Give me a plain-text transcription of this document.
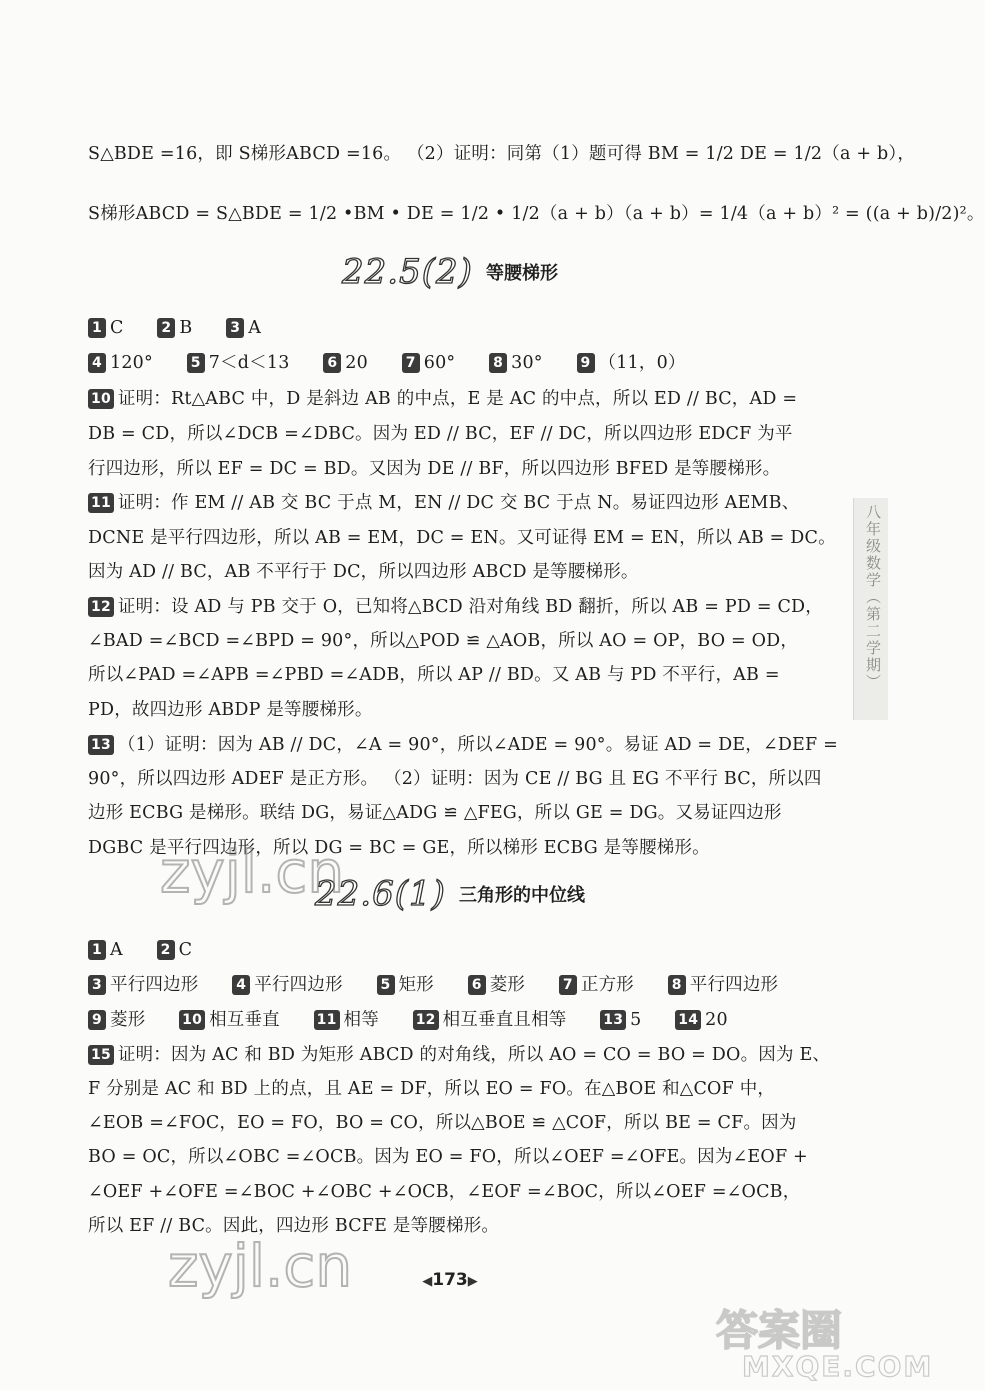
S△BDE =16，即 S梯形ABCD =16。 （2）证明：同第（1）题可得 BM = 1/2 DE = 1/2（a + b），
S梯形ABCD = S△BDE = 1/2 •BM • DE = 1/2 • 1/2（a + b）（a + b）= 1/4（a + b）² = ((a + b)/2)²。
22.5(2) 等腰梯形
1 C	2 B	3 A
4 120°	5 7＜d＜13	6 20	7 60°	8 30°	9 （11，0）
10 证明：Rt△ABC 中，D 是斜边 AB 的中点，E 是 AC 的中点，所以 ED // BC，AD =
DB = CD，所以∠DCB =∠DBC。因为 ED // BC，EF // DC，所以四边形 EDCF 为平
行四边形，所以 EF = DC = BD。又因为 DE // BF，所以四边形 BFED 是等腰梯形。
11 证明：作 EM // AB 交 BC 于点 M，EN // DC 交 BC 于点 N。易证四边形 AEMB、
DCNE 是平行四边形，所以 AB = EM，DC = EN。又可证得 EM = EN，所以 AB = DC。
因为 AD // BC，AB 不平行于 DC，所以四边形 ABCD 是等腰梯形。
12 证明：设 AD 与 PB 交于 O，已知将△BCD 沿对角线 BD 翻折，所以 AB = PD = CD，
∠BAD =∠BCD =∠BPD = 90°，所以△POD ≌ △AOB，所以 AO = OP，BO = OD，
所以∠PAD =∠APB =∠PBD =∠ADB，所以 AP // BD。又 AB 与 PD 不平行，AB =
PD，故四边形 ABDP 是等腰梯形。
13 （1）证明：因为 AB // DC，∠A = 90°，所以∠ADE = 90°。易证 AD = DE，∠DEF =
90°，所以四边形 ADEF 是正方形。 （2）证明：因为 CE // BG 且 EG 不平行 BC，所以四
边形 ECBG 是梯形。联结 DG，易证△ADG ≌ △FEG，所以 GE = DG。又易证四边形
DGBC 是平行四边形，所以 DG = BC = GE，所以梯形 ECBG 是等腰梯形。
22.6(1) 三角形的中位线
1 A	2 C
3 平行四边形	4 平行四边形	5 矩形	6 菱形	7 正方形	8 平行四边形
9 菱形	10 相互垂直	11 相等	12 相互垂直且相等	13 5	14 20
15 证明：因为 AC 和 BD 为矩形 ABCD 的对角线，所以 AO = CO = BO = DO。因为 E、
F 分别是 AC 和 BD 上的点，且 AE = DF，所以 EO = FO。在△BOE 和△COF 中，
∠EOB =∠FOC，EO = FO，BO = CO，所以△BOE ≌ △COF，所以 BE = CF。因为
BO = OC，所以∠OBC =∠OCB。因为 EO = FO，所以∠OEF =∠OFE。因为∠EOF +
∠OEF +∠OFE =∠BOC +∠OBC +∠OCB，∠EOF =∠BOC，所以∠OEF =∠OCB，
所以 EF // BC。因此，四边形 BCFE 是等腰梯形。
八年级数学（第二学期）
zyjl.cn
zyjl.cn	◀173▶
答案圈
MXQE.COM
